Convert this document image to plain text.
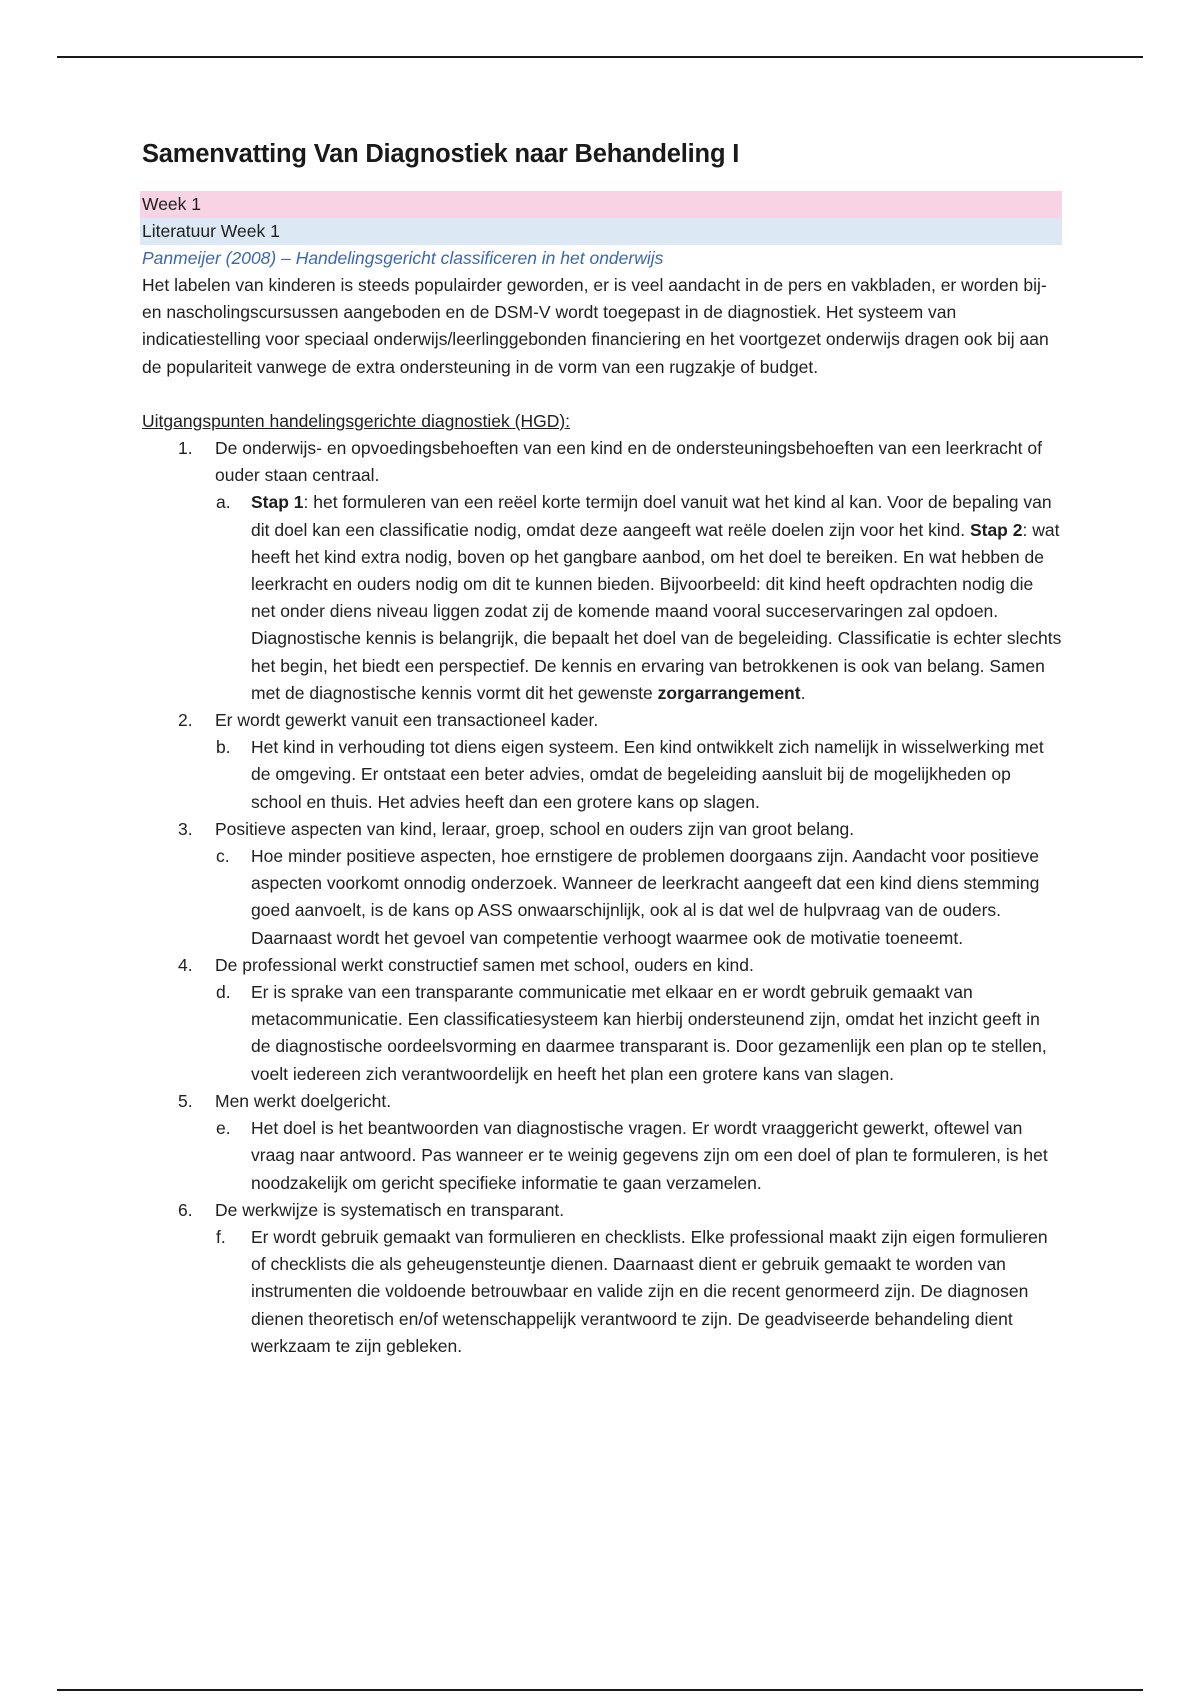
Samenvatting Van Diagnostiek naar Behandeling I
Week 1
Literatuur Week 1
Panmeijer (2008) – Handelingsgericht classificeren in het onderwijs

Het labelen van kinderen is steeds populairder geworden, er is veel aandacht in de pers en vakbladen, er worden bij- en nascholingscursussen aangeboden en de DSM-V wordt toegepast in de diagnostiek. Het systeem van indicatiestelling voor speciaal onderwijs/leerlinggebonden financiering en het voortgezet onderwijs dragen ook bij aan de populariteit vanwege de extra ondersteuning in de vorm van een rugzakje of budget.

Uitgangspunten handelingsgerichte diagnostiek (HGD):
1. De onderwijs- en opvoedingsbehoeften van een kind en de ondersteuningsbehoeften van een leerkracht of ouder staan centraal.
a. Stap 1: het formuleren van een reëel korte termijn doel vanuit wat het kind al kan. Voor de bepaling van dit doel kan een classificatie nodig, omdat deze aangeeft wat reële doelen zijn voor het kind. Stap 2: wat heeft het kind extra nodig, boven op het gangbare aanbod, om het doel te bereiken. En wat hebben de leerkracht en ouders nodig om dit te kunnen bieden. Bijvoorbeeld: dit kind heeft opdrachten nodig die net onder diens niveau liggen zodat zij de komende maand vooral succeservaringen zal opdoen. Diagnostische kennis is belangrijk, die bepaalt het doel van de begeleiding. Classificatie is echter slechts het begin, het biedt een perspectief. De kennis en ervaring van betrokkenen is ook van belang. Samen met de diagnostische kennis vormt dit het gewenste zorgarrangement.
2. Er wordt gewerkt vanuit een transactioneel kader.
b. Het kind in verhouding tot diens eigen systeem. Een kind ontwikkelt zich namelijk in wisselwerking met de omgeving. Er ontstaat een beter advies, omdat de begeleiding aansluit bij de mogelijkheden op school en thuis. Het advies heeft dan een grotere kans op slagen.
3. Positieve aspecten van kind, leraar, groep, school en ouders zijn van groot belang.
c. Hoe minder positieve aspecten, hoe ernstigere de problemen doorgaans zijn. Aandacht voor positieve aspecten voorkomt onnodig onderzoek. Wanneer de leerkracht aangeeft dat een kind diens stemming goed aanvoelt, is de kans op ASS onwaarschijnlijk, ook al is dat wel de hulpvraag van de ouders. Daarnaast wordt het gevoel van competentie verhoogt waarmee ook de motivatie toeneemt.
4. De professional werkt constructief samen met school, ouders en kind.
d. Er is sprake van een transparante communicatie met elkaar en er wordt gebruik gemaakt van metacommunicatie. Een classificatiesysteem kan hierbij ondersteunend zijn, omdat het inzicht geeft in de diagnostische oordeelsvorming en daarmee transparant is. Door gezamenlijk een plan op te stellen, voelt iedereen zich verantwoordelijk en heeft het plan een grotere kans van slagen.
5. Men werkt doelgericht.
e. Het doel is het beantwoorden van diagnostische vragen. Er wordt vraaggericht gewerkt, oftewel van vraag naar antwoord. Pas wanneer er te weinig gegevens zijn om een doel of plan te formuleren, is het noodzakelijk om gericht specifieke informatie te gaan verzamelen.
6. De werkwijze is systematisch en transparant.
f. Er wordt gebruik gemaakt van formulieren en checklists. Elke professional maakt zijn eigen formulieren of checklists die als geheugensteuntje dienen. Daarnaast dient er gebruik gemaakt te worden van instrumenten die voldoende betrouwbaar en valide zijn en die recent genormeerd zijn. De diagnosen dienen theoretisch en/of wetenschappelijk verantwoord te zijn. De geadviseerde behandeling dient werkzaam te zijn gebleken.
